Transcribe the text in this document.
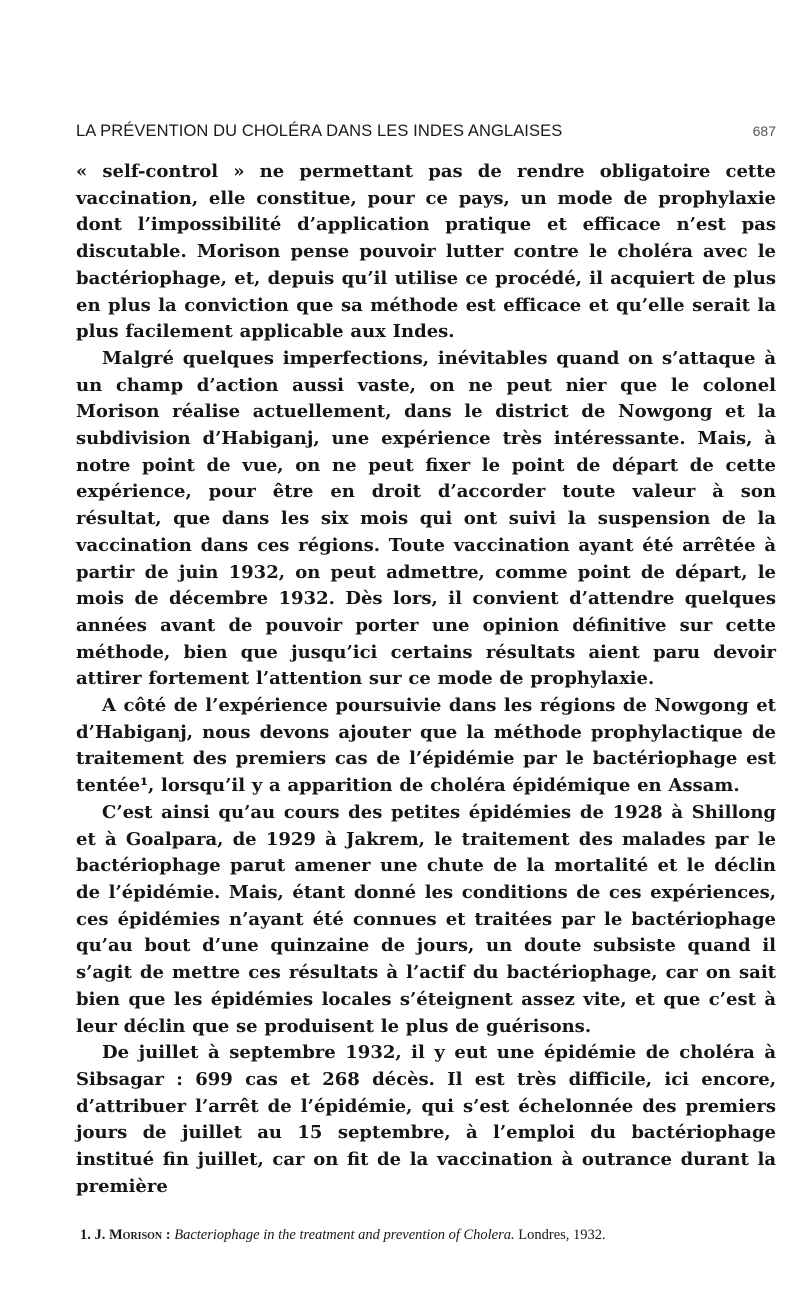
LA PRÉVENTION DU CHOLÉRA DANS LES INDES ANGLAISES	687

« self-control » ne permettant pas de rendre obligatoire cette vaccination, elle constitue, pour ce pays, un mode de prophylaxie dont l’impossibilité d’application pratique et efficace n’est pas discutable. Morison pense pouvoir lutter contre le choléra avec le bactériophage, et, depuis qu’il utilise ce procédé, il acquiert de plus en plus la conviction que sa méthode est efficace et qu’elle serait la plus facilement applicable aux Indes.

Malgré quelques imperfections, inévitables quand on s’attaque à un champ d’action aussi vaste, on ne peut nier que le colonel Morison réalise actuellement, dans le district de Nowgong et la subdivision d’Habiganj, une expérience très intéressante. Mais, à notre point de vue, on ne peut fixer le point de départ de cette expérience, pour être en droit d’accorder toute valeur à son résultat, que dans les six mois qui ont suivi la suspension de la vaccination dans ces régions. Toute vaccination ayant été arrêtée à partir de juin 1932, on peut admettre, comme point de départ, le mois de décembre 1932. Dès lors, il convient d’attendre quelques années avant de pouvoir porter une opinion définitive sur cette méthode, bien que jusqu’ici certains résultats aient paru devoir attirer fortement l’attention sur ce mode de prophylaxie.

A côté de l’expérience poursuivie dans les régions de Nowgong et d’Habiganj, nous devons ajouter que la méthode prophylactique de traitement des premiers cas de l’épidémie par le bactériophage est tentée¹, lorsqu’il y a apparition de choléra épidémique en Assam.

C’est ainsi qu’au cours des petites épidémies de 1928 à Shillong et à Goalpara, de 1929 à Jakrem, le traitement des malades par le bactériophage parut amener une chute de la mortalité et le déclin de l’épidémie. Mais, étant donné les conditions de ces expériences, ces épidémies n’ayant été connues et traitées par le bactériophage qu’au bout d’une quinzaine de jours, un doute subsiste quand il s’agit de mettre ces résultats à l’actif du bactériophage, car on sait bien que les épidémies locales s’éteignent assez vite, et que c’est à leur déclin que se produisent le plus de guérisons.

De juillet à septembre 1932, il y eut une épidémie de choléra à Sibsagar : 699 cas et 268 décès. Il est très difficile, ici encore, d’attribuer l’arrêt de l’épidémie, qui s’est échelonnée des premiers jours de juillet au 15 septembre, à l’emploi du bactériophage institué fin juillet, car on fit de la vaccination à outrance durant la première

1. J. Morison : Bacteriophage in the treatment and prevention of Cholera. Londres, 1932.
